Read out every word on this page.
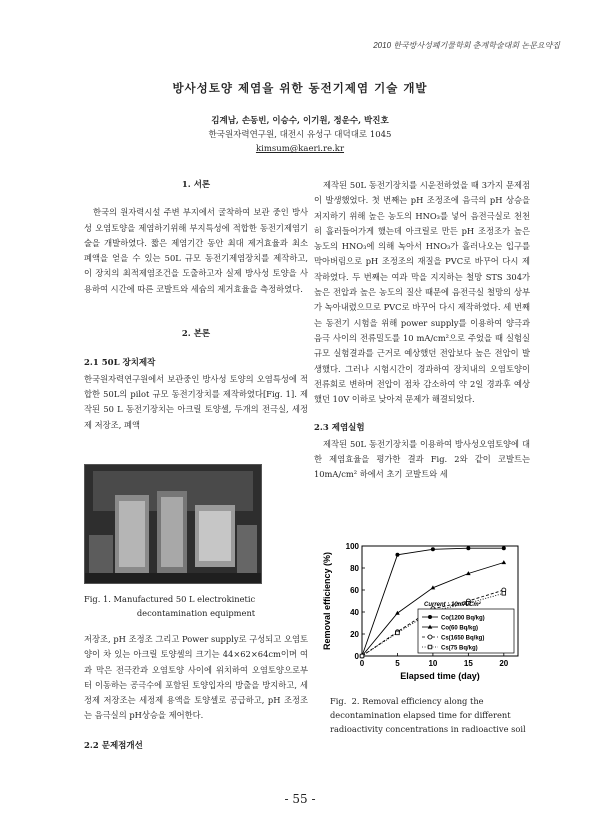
2010 한국방사성폐기물학회 춘계학술대회 논문요약집
방사성토양 제염을 위한 동전기제염 기술 개발
김계남, 손동빈, 이승수, 이기원, 정운수, 박진호
한국원자력연구원, 대전시 유성구 대덕대로 1045
kimsum@kaeri.re.kr

1. 서론

한국의 원자력시설 주변 부지에서 굴착하여 보관 중인 방사성 오염토양을 제염하기위해 부지특성에 적합한 동전기제염기술을 개발하였다. 짧은 제염기간 동안 최대 제거효율과 최소 폐액을 얻을 수 있는 50L 규모 동전기제염장치를 제작하고, 이 장치의 최적제염조건을 도출하고자 실제 방사성 토양을 사용하여 시간에 따른 코발트와 세슘의 제거효율을 측정하였다.

2. 본론

2.1 50L 장치제작

한국원자력연구원에서 보관중인 방사성 토양의 오염특성에 적합한 50L의 pilot 규모 동전기장치를 제작하였다[Fig. 1]. 제작된 50 L 동전기장치는 아크릴 토양셀, 두개의 전극실, 세정제 저장조, 폐액

Fig. 1. Manufactured 50 L electrokinetic
decontamination equipment

저장조, pH 조정조 그리고 Power supply로 구성되고 오염토양이 차 있는 아크릴 토양셀의 크기는 44×62×64cm이며 여과 막은 전극칸과 오염토양 사이에 위치하여 오염토양으로부터 이동하는 공극수에 포함된 토양입자의 방출을 방지하고, 세정제 저장조는 세정제 용액을 토양셀로 공급하고, pH 조정조는 음극실의 pH상승을 제어한다.

2.2 문제점개선

제작된 50L 동전기장치를 시운전하였을 때 3가지 문제점이 발생했었다. 첫 번째는 pH 조정조에 음극의 pH 상승을 저지하기 위해 높은 농도의 HNO₃를 넣어 음전극실로 천천히 흘러들어가게 했는데 아크릴로 만든 pH 조정조가 높은 농도의 HNO₃에 의해 녹아서 HNO₃가 흘러나오는 입구를 막아버림으로 pH 조정조의 재질을 PVC로 바꾸어 다시 제작하였다. 두 번째는 여과 막을 지지하는 철망 STS 304가 높은 전압과 높은 농도의 질산 때문에 음전극실 철망의 상부가 녹아내렸으므로 PVC로 바꾸어 다시 제작하였다. 세 번째는 동전기 시험을 위해 power supply를 이용하여 양극과 음극 사이의 전류밀도를 10 mA/cm²으로 주었을 때 실험실 규모 실험결과를 근거로 예상했던 전압보다 높은 전압이 발생했다. 그러나 시험시간이 경과하여 장치내의 오염토양이 전류회로 변하며 전압이 점차 감소하여 약 2일 경과후 예상했던 10V 이하로 낮아져 문제가 해결되었다.

2.3 제염실험

제작된 50L 동전기장치를 이용하여 방사성오염토양에 대한 제염효율을 평가한 결과 Fig. 2와 같이 코발트는 10mA/cm² 하에서 초기 코발트와 세

0
20
40
60
80
100
0	5	10	15	20
Elapsed time (day)
Removal efficiency (%)	Current : 10mA/Cm²
Co(1200 Bq/kg)
Co(60 Bq/kg)
Cs(1650 Bq/kg)
Cs(75 Bq/kg)
Fig. 2. Removal efficiency along the decontamination elapsed time for different radioactivity concentrations in radioactive soil
- 55 -
